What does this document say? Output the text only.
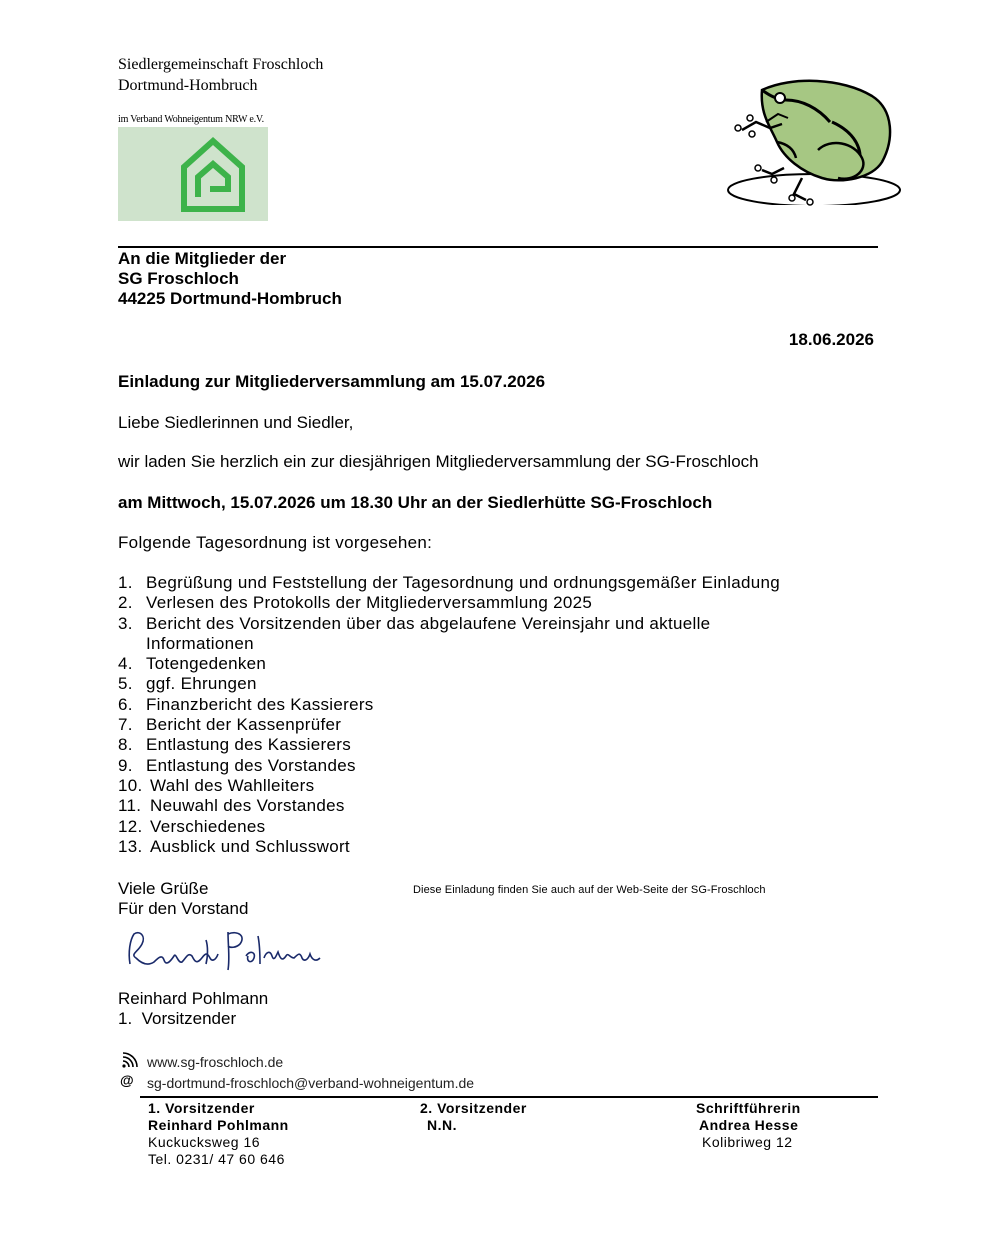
Siedlergemeinschaft Froschloch
Dortmund-Hombruch
im Verband Wohneigentum NRW e.V.
An die Mitglieder der
SG Froschloch
44225 Dortmund-Hombruch
18.06.2026
Einladung zur Mitgliederversammlung am 15.07.2026
Liebe Siedlerinnen und Siedler,
wir laden Sie herzlich ein zur diesjährigen Mitgliederversammlung der SG-Froschloch
am Mittwoch, 15.07.2026 um 18.30 Uhr an der Siedlerhütte SG-Froschloch
Folgende Tagesordnung ist vorgesehen:
1. Begrüßung und Feststellung der Tagesordnung und ordnungsgemäßer Einladung
2. Verlesen des Protokolls der Mitgliederversammlung 2025
3. Bericht des Vorsitzenden über das abgelaufene Vereinsjahr und aktuelle Informationen
4. Totengedenken
5. ggf. Ehrungen
6. Finanzbericht des Kassierers
7. Bericht der Kassenprüfer
8. Entlastung des Kassierers
9. Entlastung des Vorstandes
10. Wahl des Wahlleiters
11. Neuwahl des Vorstandes
12. Verschiedenes
13. Ausblick und Schlusswort
Viele Grüße
Für den Vorstand
Diese Einladung finden Sie auch auf der Web-Seite der SG-Froschloch
Reinhard Pohlmann
1.  Vorsitzender
www.sg-froschloch.de
@ sg-dortmund-froschloch@verband-wohneigentum.de
1. Vorsitzender
Reinhard Pohlmann
Kuckucksweg 16
Tel. 0231/ 47 60 646
2. Vorsitzender
N.N.
Schriftführerin
Andrea Hesse
Kolibriweg 12
